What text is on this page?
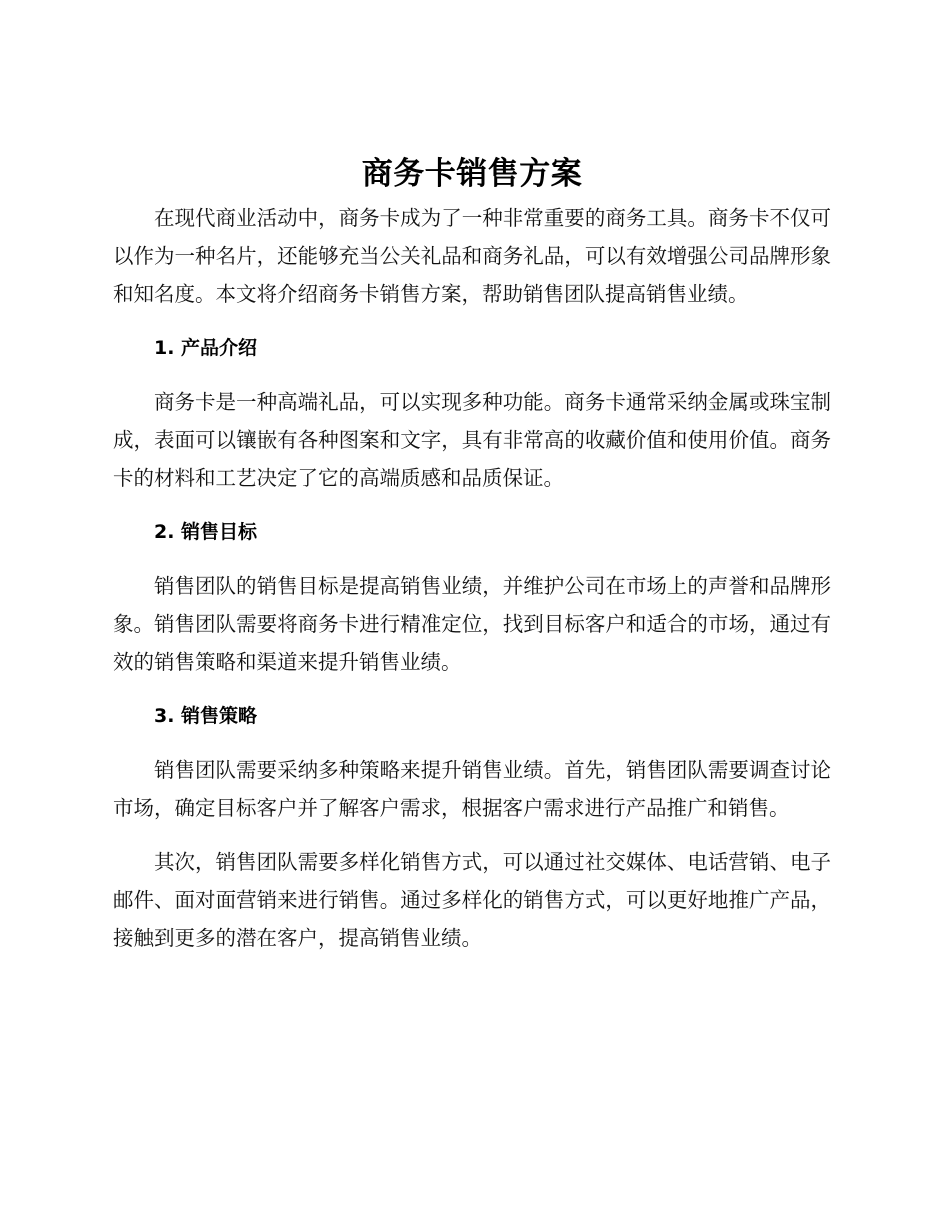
商务卡销售方案

在现代商业活动中，商务卡成为了一种非常重要的商务工具。商务卡不仅可以作为一种名片，还能够充当公关礼品和商务礼品，可以有效增强公司品牌形象和知名度。本文将介绍商务卡销售方案，帮助销售团队提高销售业绩。

1. 产品介绍

商务卡是一种高端礼品，可以实现多种功能。商务卡通常采纳金属或珠宝制成，表面可以镶嵌有各种图案和文字，具有非常高的收藏价值和使用价值。商务卡的材料和工艺决定了它的高端质感和品质保证。

2. 销售目标

销售团队的销售目标是提高销售业绩，并维护公司在市场上的声誉和品牌形象。销售团队需要将商务卡进行精准定位，找到目标客户和适合的市场，通过有效的销售策略和渠道来提升销售业绩。

3. 销售策略

销售团队需要采纳多种策略来提升销售业绩。首先，销售团队需要调查讨论市场，确定目标客户并了解客户需求，根据客户需求进行产品推广和销售。

其次，销售团队需要多样化销售方式，可以通过社交媒体、电话营销、电子邮件、面对面营销来进行销售。通过多样化的销售方式，可以更好地推广产品，接触到更多的潜在客户，提高销售业绩。
